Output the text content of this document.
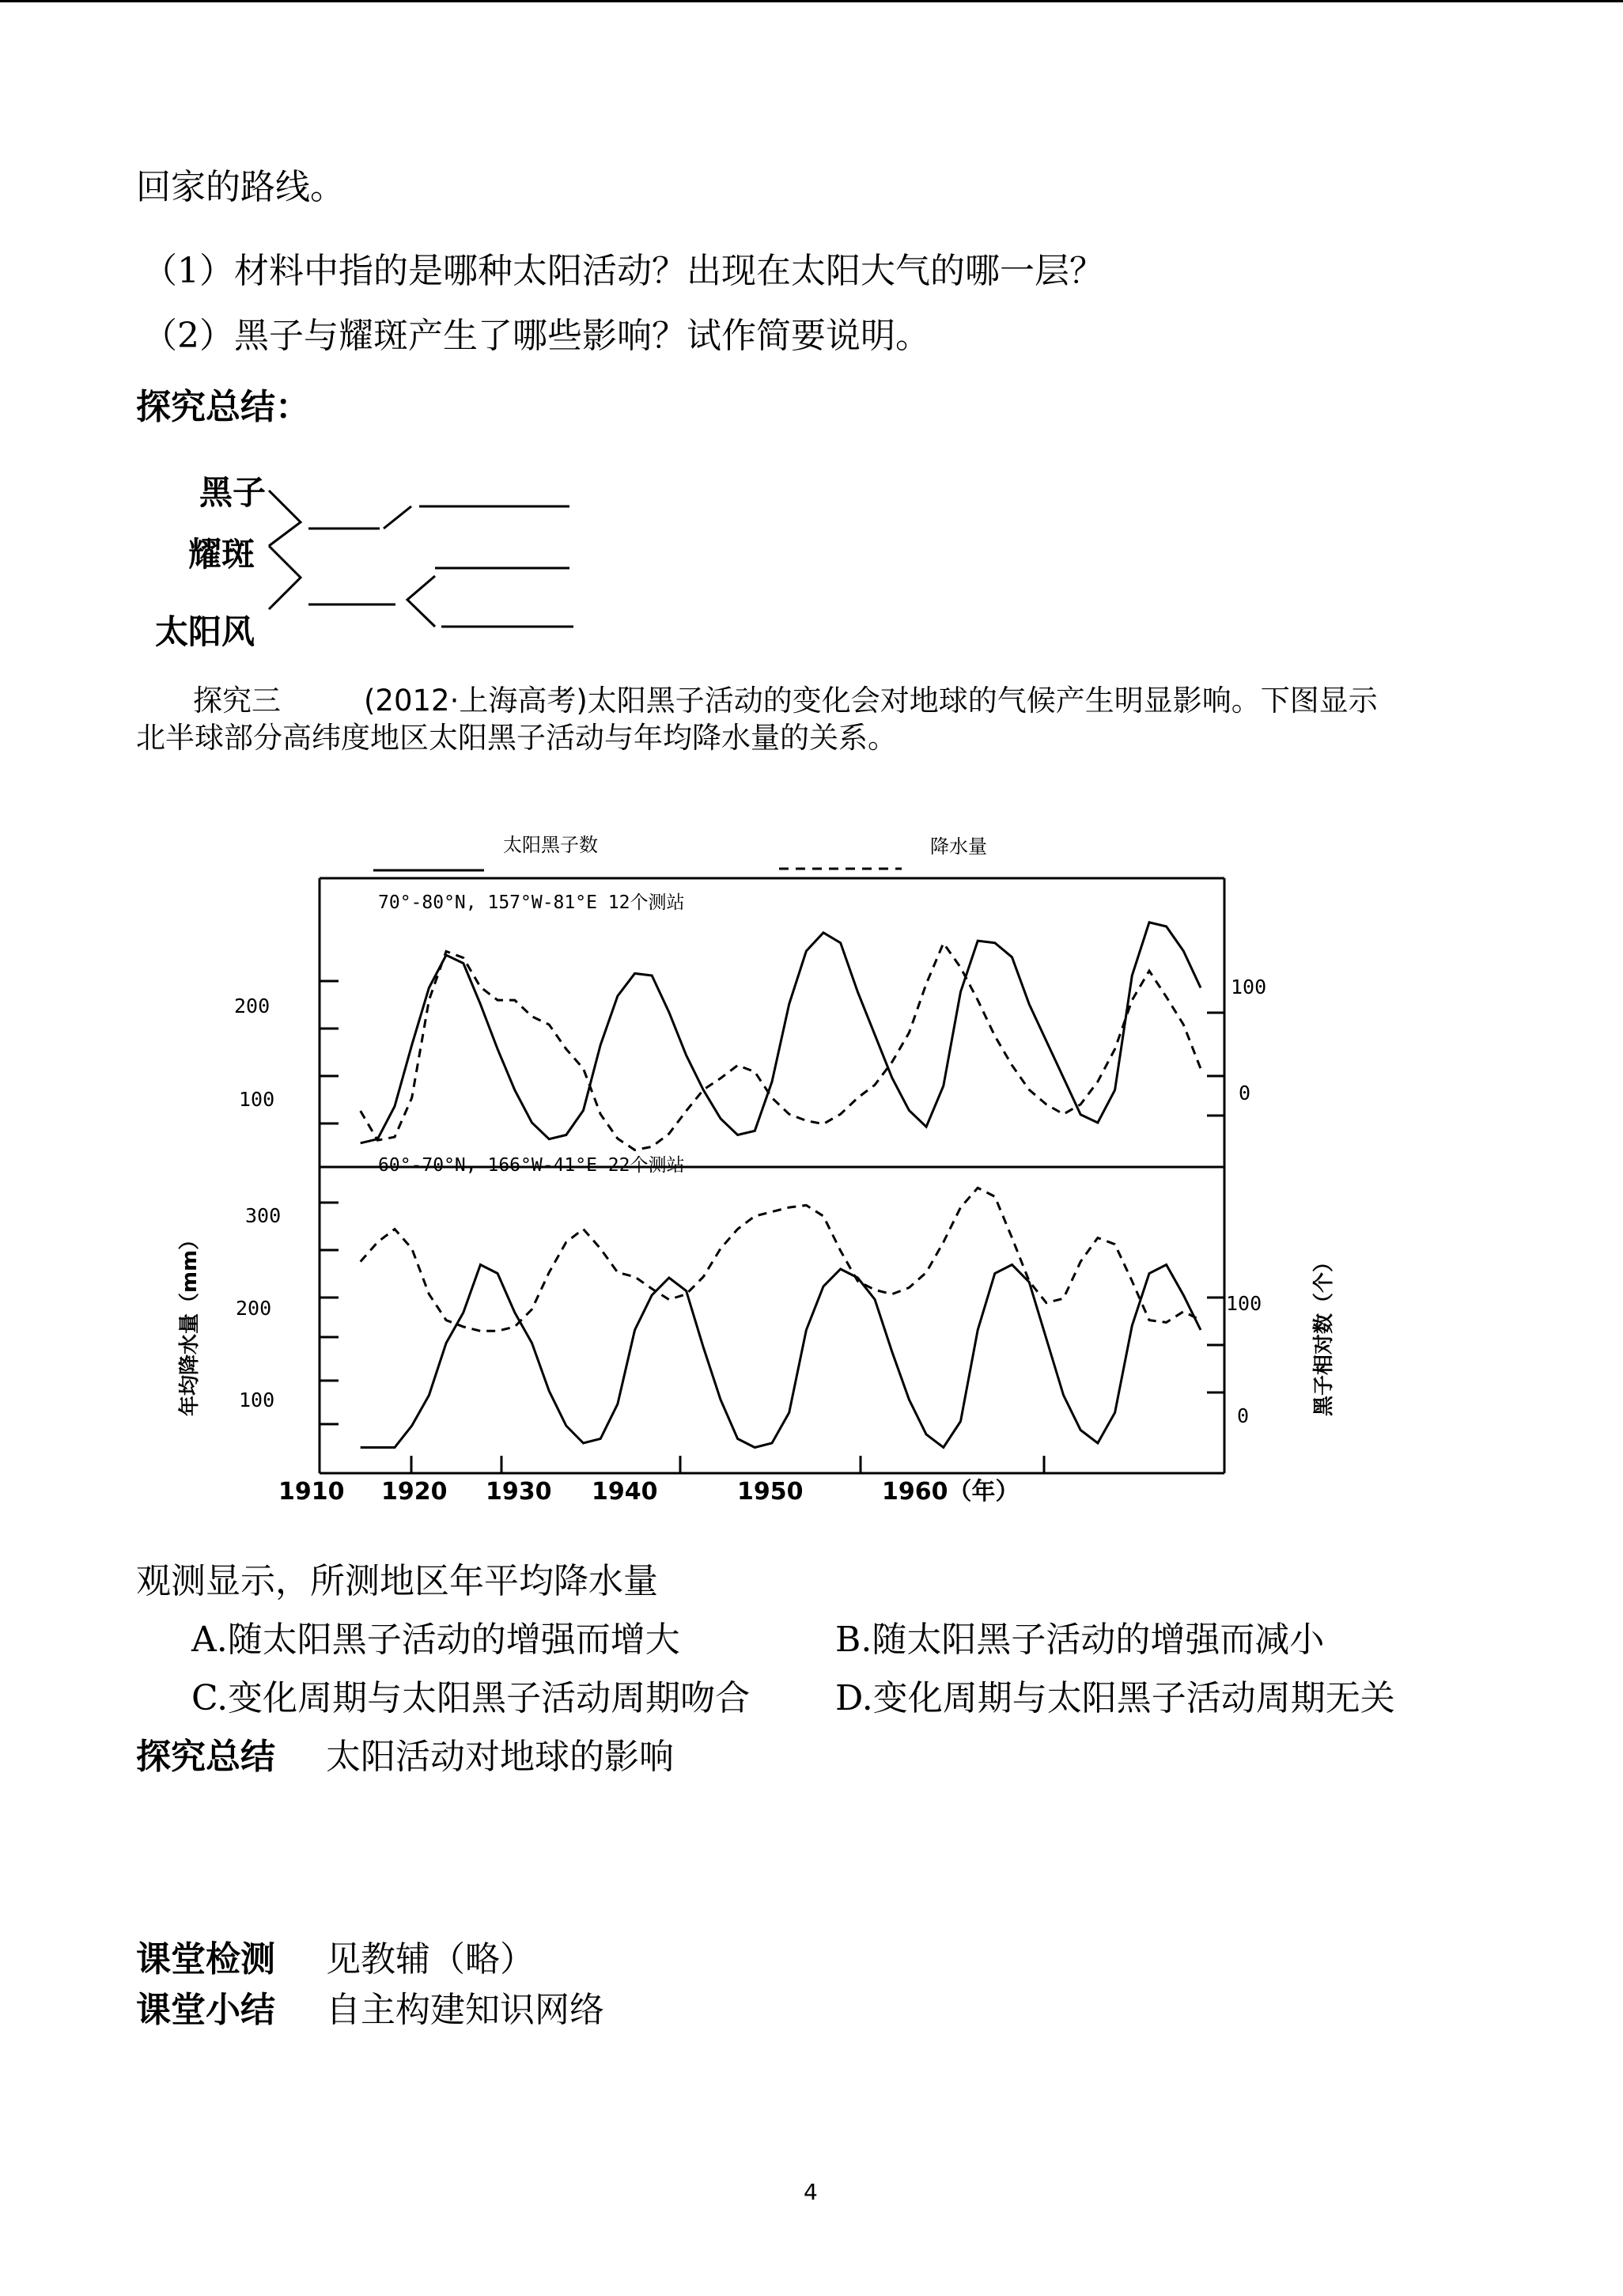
回家的路线。
（1）材料中指的是哪种太阳活动？出现在太阳大气的哪一层？
（2）黑子与耀斑产生了哪些影响？试作简要说明。
探究总结：
黑子
耀斑
太阳风
探究三	(2012·上海高考)太阳黑子活动的变化会对地球的气候产生明显影响。下图显示
北半球部分高纬度地区太阳黑子活动与年均降水量的关系。
太阳黑子数	降水量
70°-80°N, 157°W-81°E 12个测站
60°-70°N, 166°W-41°E 22个测站
200
100
100
0
300
200
100
100
0
年均降水量（mm）	黑子相对数（个）
1910 1920 1930 1940	1950	1960（年）
观测显示，所测地区年平均降水量
A.随太阳黑子活动的增强而增大	B.随太阳黑子活动的增强而减小
C.变化周期与太阳黑子活动周期吻合 D.变化周期与太阳黑子活动周期无关
探究总结 太阳活动对地球的影响
课堂检测 见教辅（略）
课堂小结 自主构建知识网络
4
